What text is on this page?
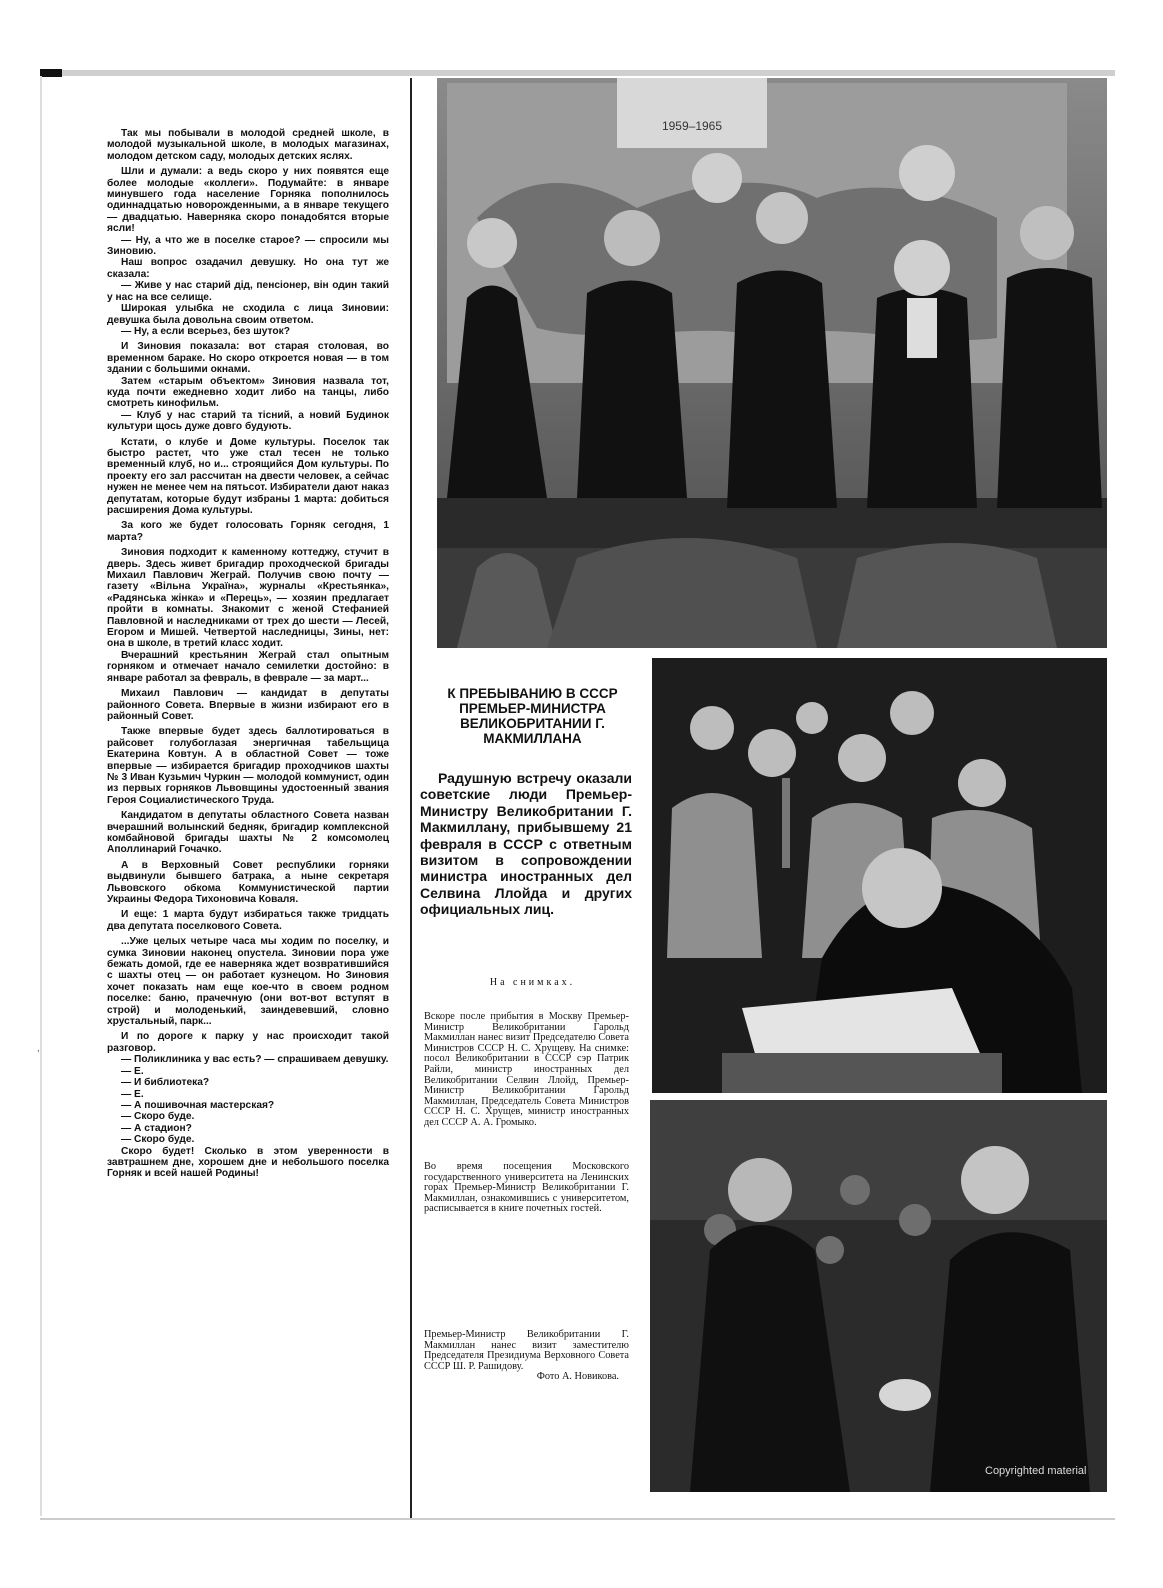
,

Так мы побывали в молодой средней школе, в молодой музыкальной школе, в молодых магазинах, молодом детском саду, молодых детских яслях.

Шли и думали: а ведь скоро у них появятся еще более молодые «коллеги». Подумайте: в январе минувшего года население Горняка пополнилось одиннадцатью новорожденными, а в январе текущего — двадцатью. Наверняка скоро понадобятся вторые ясли!

— Ну, а что же в поселке старое? — спросили мы Зиновию.

Наш вопрос озадачил девушку. Но она тут же сказала:

— Живе у нас старий дід, пенсіонер, він один такий у нас на все селище.

Широкая улыбка не сходила с лица Зиновии: девушка была довольна своим ответом.

— Ну, а если всерьез, без шуток?

И Зиновия показала: вот старая столовая, во временном бараке. Но скоро откроется новая — в том здании с большими окнами.

Затем «старым объектом» Зиновия назвала тот, куда почти ежедневно ходит либо на танцы, либо смотреть кинофильм.

— Клуб у нас старий та тісний, а новий Будинок культури щось дуже довго будують.

Кстати, о клубе и Доме культуры. Поселок так быстро растет, что уже стал тесен не только временный клуб, но и... строящийся Дом культуры. По проекту его зал рассчитан на двести человек, а сейчас нужен не менее чем на пятьсот. Избиратели дают наказ депутатам, которые будут избраны 1 марта: добиться расширения Дома культуры.

За кого же будет голосовать Горняк сегодня, 1 марта?

Зиновия подходит к каменному коттеджу, стучит в дверь. Здесь живет бригадир проходческой бригады Михаил Павлович Жеграй. Получив свою почту — газету «Вільна Україна», журналы «Крестьянка», «Радянська жінка» и «Перець», — хозяин предлагает пройти в комнаты. Знакомит с женой Стефанией Павловной и наследниками от трех до шести — Лесей, Егором и Мишей. Четвертой наследницы, Зины, нет: она в школе, в третий класс ходит.

Вчерашний крестьянин Жеграй стал опытным горняком и отмечает начало семилетки достойно: в январе работал за февраль, в феврале — за март...

Михаил Павлович — кандидат в депутаты районного Совета. Впервые в жизни избирают его в районный Совет.

Также впервые будет здесь баллотироваться в райсовет голубоглазая энергичная табельщица Екатерина Ковтун. А в областной Совет — тоже впервые — избирается бригадир проходчиков шахты № 3 Иван Кузьмич Чуркин — молодой коммунист, один из первых горняков Львовщины удостоенный звания Героя Социалистического Труда.

Кандидатом в депутаты областного Совета назван вчерашний волынский бедняк, бригадир комплексной комбайновой бригады шахты № 2 комсомолец Аполлинарий Гочачко.

А в Верховный Совет республики горняки выдвинули бывшего батрака, а ныне секретаря Львовского обкома Коммунистической партии Украины Федора Тихоновича Коваля.

И еще: 1 марта будут избираться также тридцать два депутата поселкового Совета.

...Уже целых четыре часа мы ходим по поселку, и сумка Зиновии наконец опустела. Зиновии пора уже бежать домой, где ее наверняка ждет возвратившийся с шахты отец — он работает кузнецом. Но Зиновия хочет показать нам еще кое-что в своем родном поселке: баню, прачечную (они вот-вот вступят в строй) и молоденький, заиндевевший, словно хрустальный, парк...

И по дороге к парку у нас происходит такой разговор.

— Поликлиника у вас есть? — спрашиваем девушку.

— Е.

— И библиотека?

— Е.

— А пошивочная мастерская?

— Скоро буде.

— А стадион?

— Скоро буде.

Скоро будет! Сколько в этом уверенности в завтрашнем дне, хорошем дне и небольшого поселка Горняк и всей нашей Родины!

1959–1965
К ПРЕБЫВАНИЮ В СССР ПРЕМЬЕР-МИНИСТРА ВЕЛИКОБРИТАНИИ Г. МАКМИЛЛАНА
Радушную встречу оказали советские люди Премьер-Министру Великобритании Г. Макмиллану, прибывшему 21 февраля в СССР с ответным визитом в сопровождении министра иностранных дел Селвина Ллойда и других официальных лиц.
На снимках.
Вскоре после прибытия в Москву Премьер-Министр Великобритании Гарольд Макмиллан нанес визит Председателю Совета Министров СССР Н. С. Хрущеву. На снимке: посол Великобритании в СССР сэр Патрик Райли, министр иностранных дел Великобритании Селвин Ллойд, Премьер-Министр Великобритании Гарольд Макмиллан, Председатель Совета Министров СССР Н. С. Хрущев, министр иностранных дел СССР А. А. Громыко.
Во время посещения Московского государственного университета на Ленинских горах Премьер-Министр Великобритании Г. Макмиллан, ознакомившись с университетом, расписывается в книге почетных гостей.
Премьер-Министр Великобритании Г. Макмиллан нанес визит заместителю Председателя Президиума Верховного Совета СССР Ш. Р. Рашидову.
Фото А. Новикова.
Copyrighted material
